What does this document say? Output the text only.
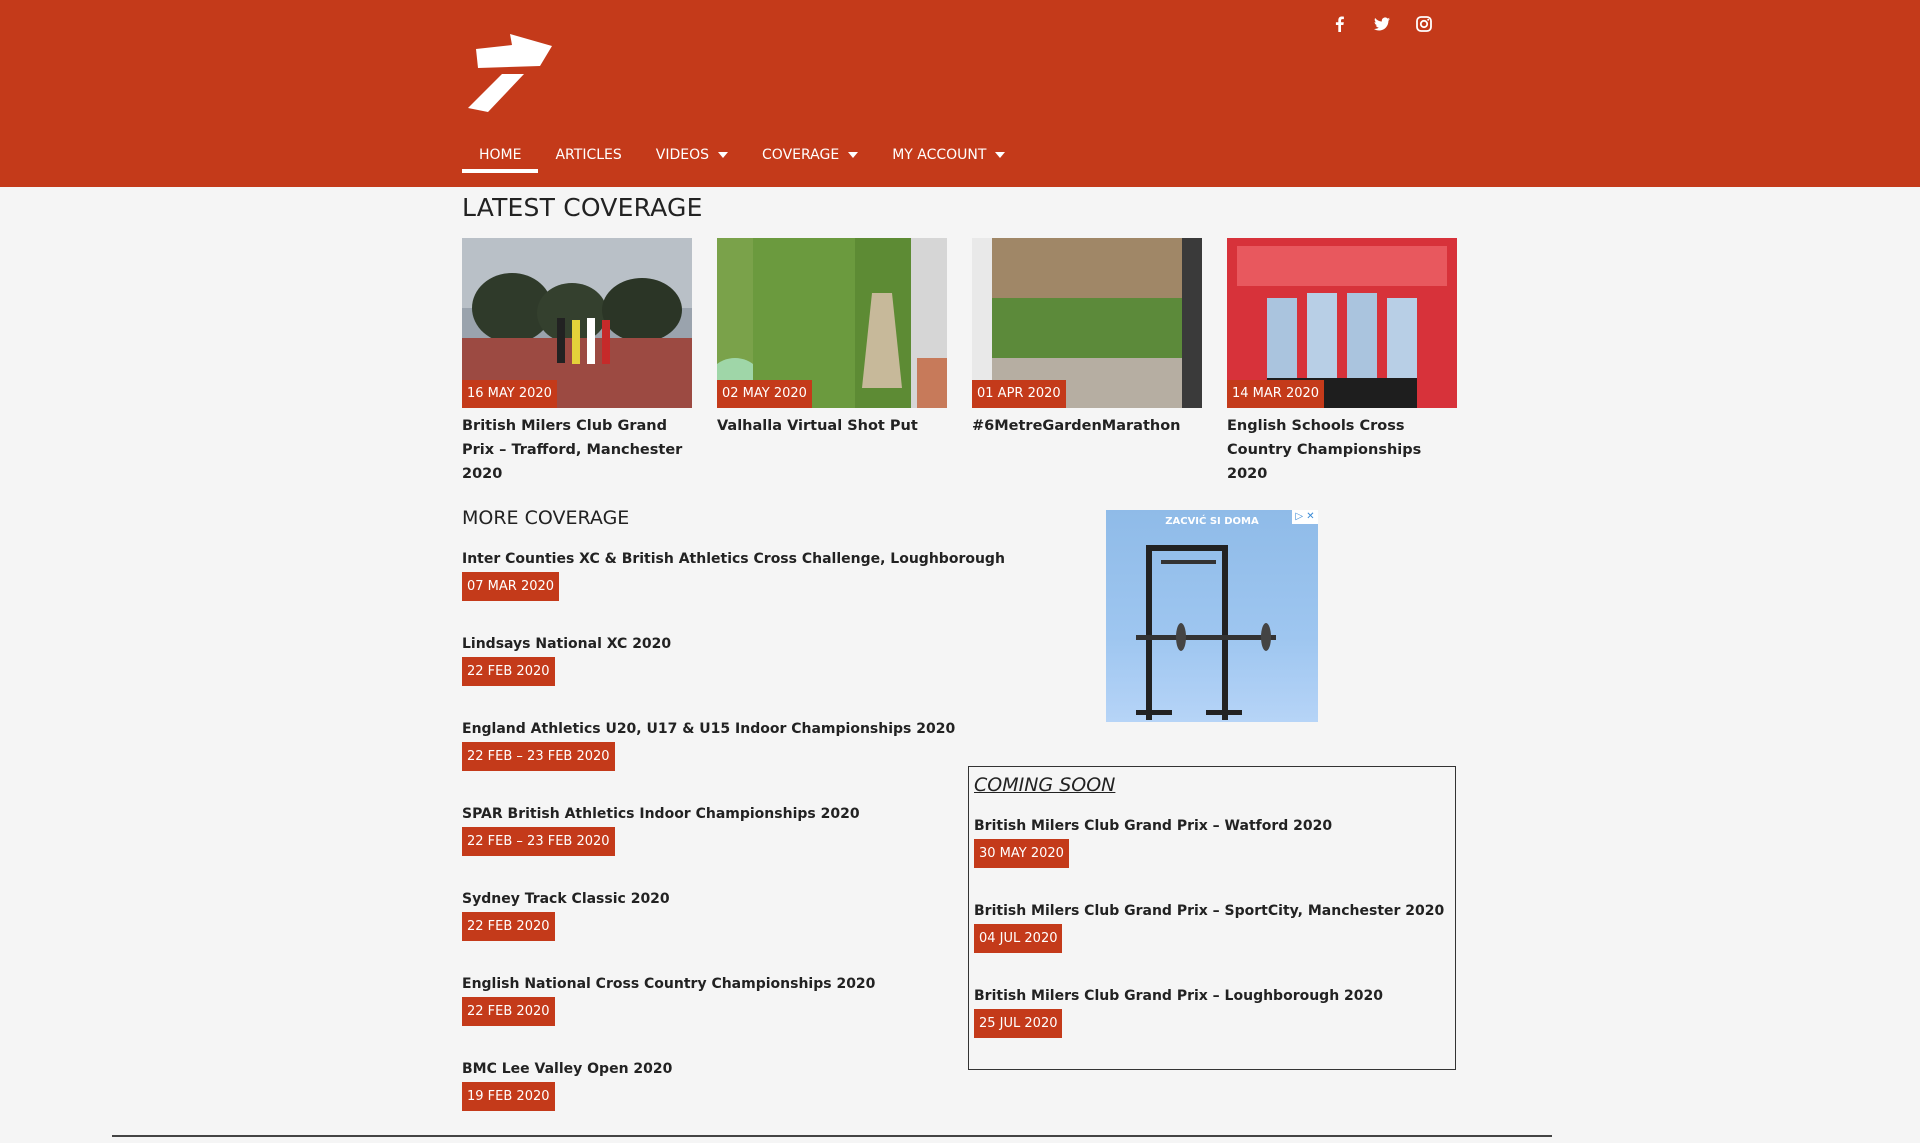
HOME	ARTICLES	VIDEOS	COVERAGE	MY ACCOUNT
LATEST COVERAGE
16 MAY 2020
British Milers Club Grand Prix – Trafford, Manchester 2020
02 MAY 2020
Valhalla Virtual Shot Put
01 APR 2020
#6MetreGardenMarathon
14 MAR 2020
English Schools Cross Country Championships 2020
MORE COVERAGE
Inter Counties XC & British Athletics Cross Challenge, Loughborough
07 MAR 2020
Lindsays National XC 2020
22 FEB 2020
England Athletics U20, U17 & U15 Indoor Championships 2020
22 FEB – 23 FEB 2020
SPAR British Athletics Indoor Championships 2020
22 FEB – 23 FEB 2020
Sydney Track Classic 2020
22 FEB 2020
English National Cross Country Championships 2020
22 FEB 2020
BMC Lee Valley Open 2020
19 FEB 2020
ZACVIĆ SI DOMA	▷ ✕
COMING SOON
British Milers Club Grand Prix – Watford 2020
30 MAY 2020
British Milers Club Grand Prix – SportCity, Manchester 2020
04 JUL 2020
British Milers Club Grand Prix – Loughborough 2020
25 JUL 2020
